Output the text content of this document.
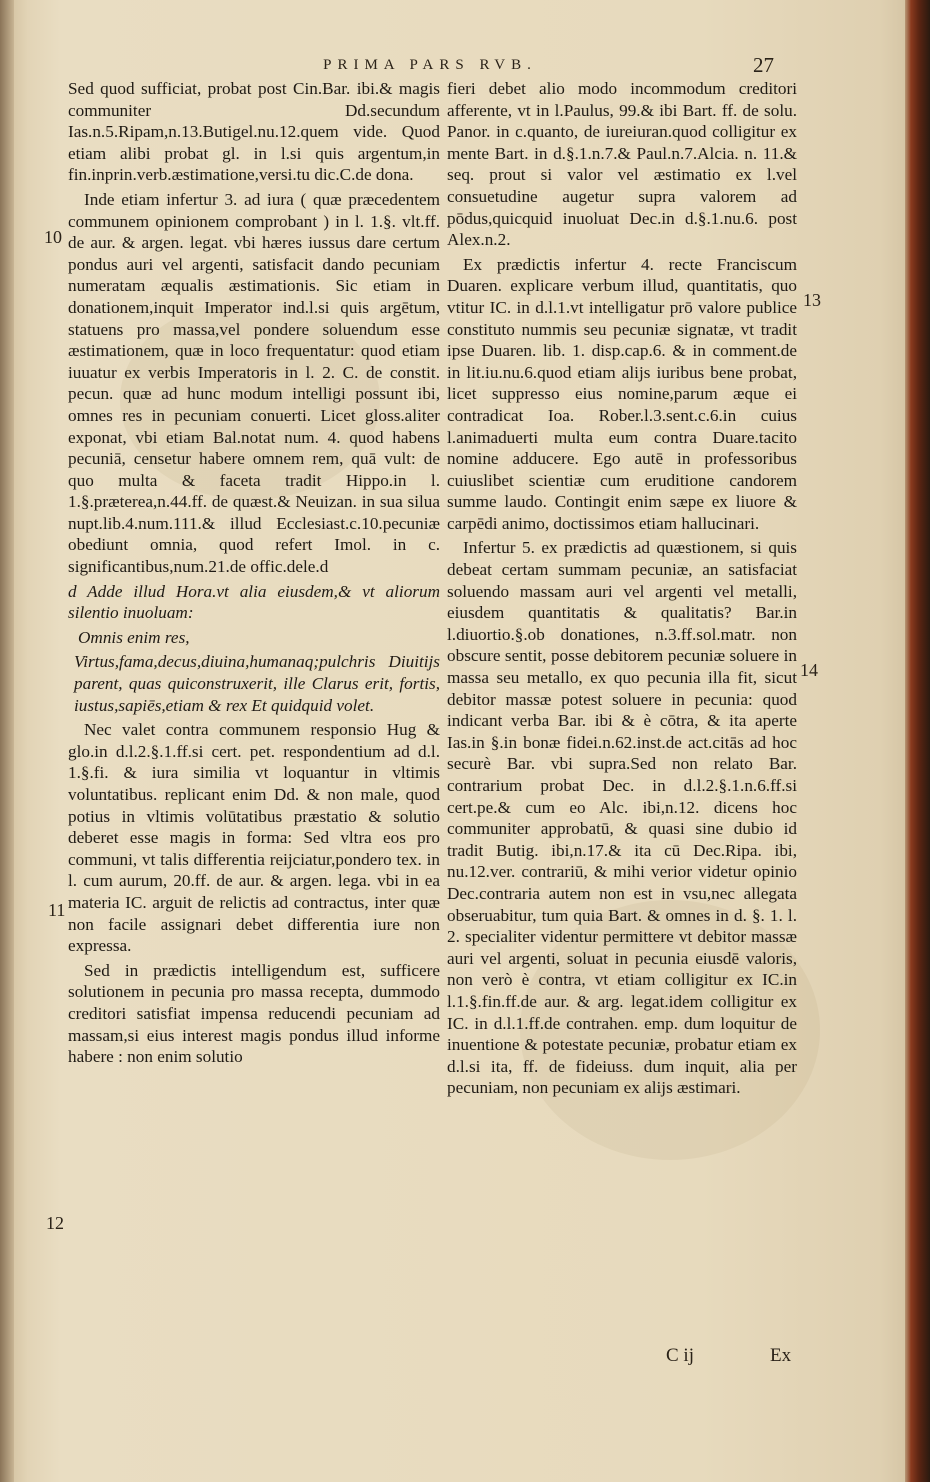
PRIMA PARS RVB.	27

Sed quod sufficiat, probat post Cin.Bar. ibi.& magis communiter Dd.secundum Ias.n.5.Ripam,n.13.Butigel.nu.12.quem vide. Quod etiam alibi probat gl. in l.si quis argentum,in fin.inprin.verb.æstimatione,versi.tu dic.C.de dona.

Inde etiam infertur 3. ad iura ( quæ præcedentem communem opinionem comprobant ) in l. 1.§. vlt.ff. de aur. & argen. legat. vbi hæres iussus dare certum pondus auri vel argenti, satisfacit dando pecuniam numeratam æqualis æstimationis. Sic etiam in donationem,inquit Imperator ind.l.si quis argētum, statuens pro massa,vel pondere soluendum esse æstimationem, quæ in loco frequentatur: quod etiam iuuatur ex verbis Imperatoris in l. 2. C. de constit. pecun. quæ ad hunc modum intelligi possunt ibi, omnes res in pecuniam conuerti. Licet gloss.aliter exponat, vbi etiam Bal.notat num. 4. quod habens pecuniā, censetur habere omnem rem, quā vult: de quo multa & faceta tradit Hippo.in l. 1.§.præterea,n.44.ff. de quæst.& Neuizan. in sua silua nupt.lib.4.num.111.& illud Ecclesiast.c.10.pecuniæ obediunt omnia, quod refert Imol. in c. significantibus,num.21.de offic.dele.d

d Adde illud Hora.vt alia eiusdem,& vt aliorum silentio inuoluam:

Omnis enim res,

Virtus,fama,decus,diuina,humanaq;pulchris Diuitijs parent, quas quiconstruxerit, ille Clarus erit, fortis, iustus,sapiēs,etiam & rex Et quidquid volet.

Nec valet contra communem responsio Hug & glo.in d.l.2.§.1.ff.si cert. pet. respondentium ad d.l. 1.§.fi. & iura similia vt loquantur in vltimis voluntatibus. replicant enim Dd. & non male, quod potius in vltimis volūtatibus præstatio & solutio deberet esse magis in forma: Sed vltra eos pro communi, vt talis differentia reijciatur,pondero tex. in l. cum aurum, 20.ff. de aur. & argen. lega. vbi in ea materia IC. arguit de relictis ad contractus, inter quæ non facile assignari debet differentia iure non expressa.

Sed in prædictis intelligendum est, sufficere solutionem in pecunia pro massa recepta, dummodo creditori satisfiat impensa reducendi pecuniam ad massam,si eius interest magis pondus illud informe habere : non enim solutio

fieri debet alio modo incommodum creditori afferente, vt in l.Paulus, 99.& ibi Bart. ff. de solu. Panor. in c.quanto, de iureiuran.quod colligitur ex mente Bart. in d.§.1.n.7.& Paul.n.7.Alcia. n. 11.& seq. prout si valor vel æstimatio ex l.vel consuetudine augetur supra valorem ad pōdus,quicquid inuoluat Dec.in d.§.1.nu.6. post Alex.n.2.

Ex prædictis infertur 4. recte Franciscum Duaren. explicare verbum illud, quantitatis, quo vtitur IC. in d.l.1.vt intelligatur prō valore publice constituto nummis seu pecuniæ signatæ, vt tradit ipse Duaren. lib. 1. disp.cap.6. & in comment.de in lit.iu.nu.6.quod etiam alijs iuribus bene probat, licet suppresso eius nomine,parum æque ei contradicat Ioa. Rober.l.3.sent.c.6.in cuius l.animaduerti multa eum contra Duare.tacito nomine adducere. Ego autē in professoribus cuiuslibet scientiæ cum eruditione candorem summe laudo. Contingit enim sæpe ex liuore & carpēdi animo, doctissimos etiam hallucinari.

Infertur 5. ex prædictis ad quæstionem, si quis debeat certam summam pecuniæ, an satisfaciat soluendo massam auri vel argenti vel metalli, eiusdem quantitatis & qualitatis? Bar.in l.diuortio.§.ob donationes, n.3.ff.sol.matr. non obscure sentit, posse debitorem pecuniæ soluere in massa seu metallo, ex quo pecunia illa fit, sicut debitor massæ potest soluere in pecunia: quod indicant verba Bar. ibi & è cōtra, & ita aperte Ias.in §.in bonæ fidei.n.62.inst.de act.citās ad hoc securè Bar. vbi supra.Sed non relato Bar. contrarium probat Dec. in d.l.2.§.1.n.6.ff.si cert.pe.& cum eo Alc. ibi,n.12. dicens hoc communiter approbatū, & quasi sine dubio id tradit Butig. ibi,n.17.& ita cū Dec.Ripa. ibi, nu.12.ver. contrariū, & mihi verior videtur opinio Dec.contraria autem non est in vsu,nec allegata obseruabitur, tum quia Bart. & omnes in d. §. 1. l. 2. specialiter videntur permittere vt debitor massæ auri vel argenti, soluat in pecunia eiusdē valoris, non verò è contra, vt etiam colligitur ex IC.in l.1.§.fin.ff.de aur. & arg. legat.idem colligitur ex IC. in d.l.1.ff.de contrahen. emp. dum loquitur de inuentione & potestate pecuniæ, probatur etiam ex d.l.si ita, ff. de fideiuss. dum inquit, alia per pecuniam, non pecuniam ex alijs æstimari.

10
11
12
13
14
C ij	Ex
